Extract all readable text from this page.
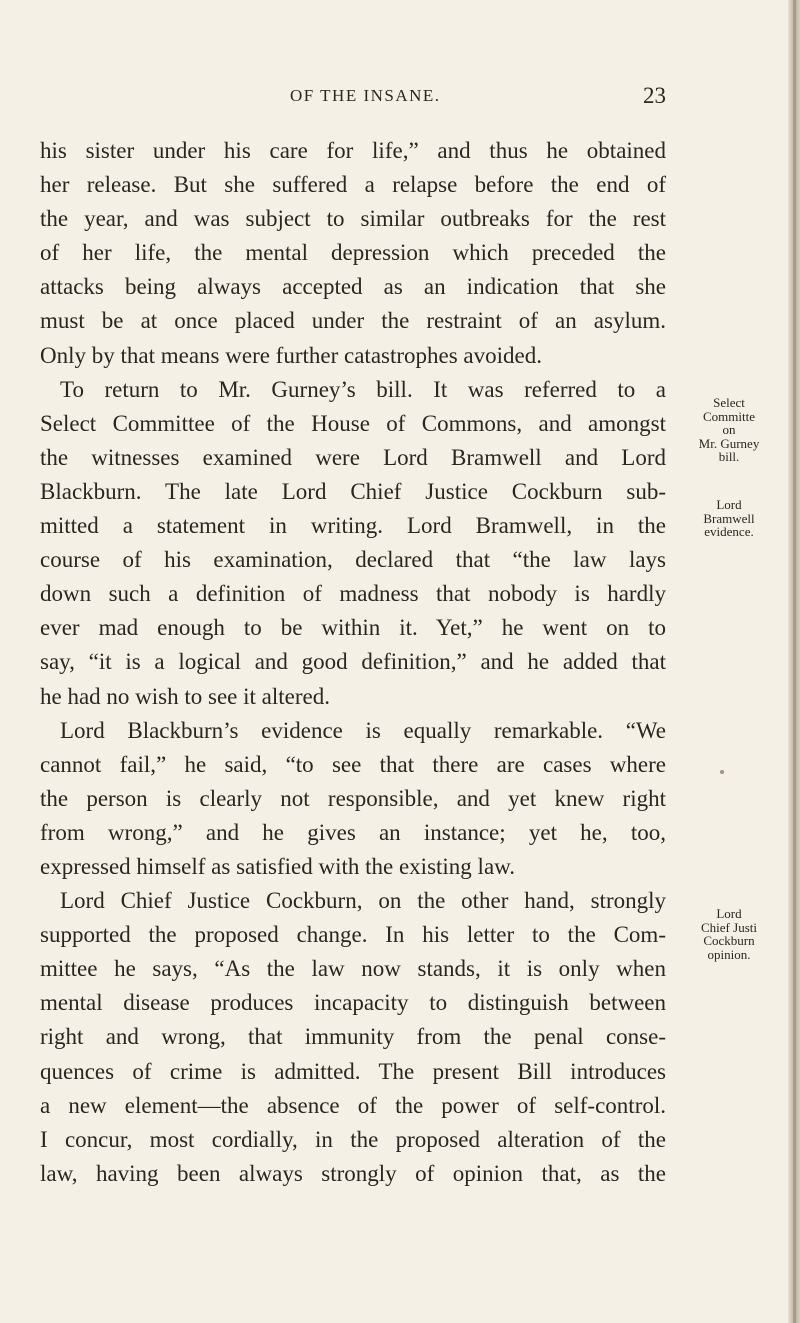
OF THE INSANE.	23
his sister under his care for life,” and thus he obtained
her release. But she suffered a relapse before the end of
the year, and was subject to similar outbreaks for the rest
of her life, the mental depression which preceded the
attacks being always accepted as an indication that she
must be at once placed under the restraint of an asylum.
Only by that means were further catastrophes avoided.
To return to Mr. Gurney’s bill. It was referred to a
Select Committee of the House of Commons, and amongst
the witnesses examined were Lord Bramwell and Lord
Blackburn. The late Lord Chief Justice Cockburn sub-
mitted a statement in writing. Lord Bramwell, in the
course of his examination, declared that “the law lays
down such a definition of madness that nobody is hardly
ever mad enough to be within it. Yet,” he went on to
say, “it is a logical and good definition,” and he added that
he had no wish to see it altered.
Lord Blackburn’s evidence is equally remarkable. “We
cannot fail,” he said, “to see that there are cases where
the person is clearly not responsible, and yet knew right
from wrong,” and he gives an instance; yet he, too,
expressed himself as satisfied with the existing law.
Lord Chief Justice Cockburn, on the other hand, strongly
supported the proposed change. In his letter to the Com-
mittee he says, “As the law now stands, it is only when
mental disease produces incapacity to distinguish between
right and wrong, that immunity from the penal conse-
quences of crime is admitted. The present Bill introduces
a new element—the absence of the power of self-control.
I concur, most cordially, in the proposed alteration of the
law, having been always strongly of opinion that, as the
Select
Committe
on
Mr. Gurney
bill.
Lord
Bramwell
evidence.
Lord
Chief Justi
Cockburn
opinion.
